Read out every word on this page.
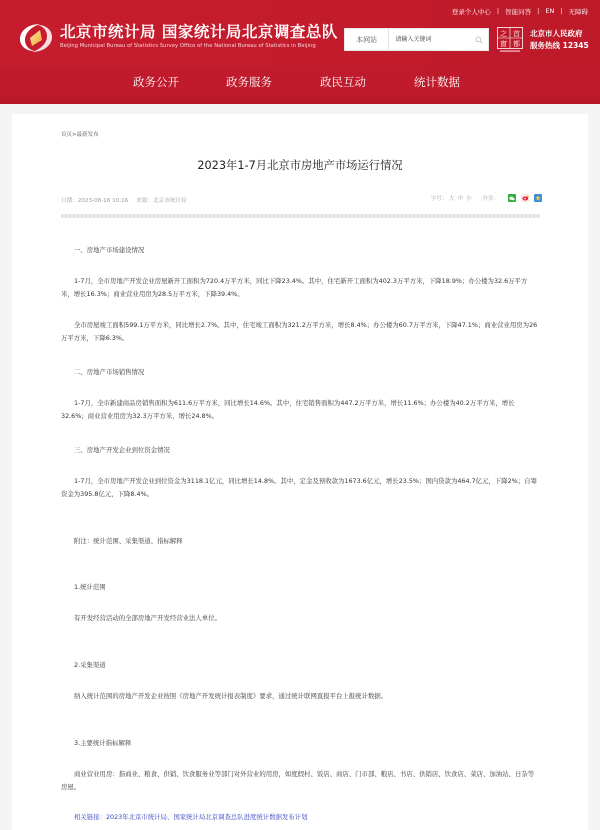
北京市统计局 国家统计局北京调查总队
Beijing Municipal Bureau of Statistics Survey Office of the National Bureau of Statistics in Beijing
登录个人中心 | 智能问答 | EN | 无障碍
本网站
请输入关键词
之 首
窗 都
北京市人民政府
服务热线 12345
政务公开	政务服务	政民互动	统计数据
首页>最新发布
2023年1-7月北京市房地产市场运行情况
日期：2023-08-16 10:16 来源：北京市统计局	字号： 大 中 小 分享：
一、房地产市场建设情况
1-7月，全市房地产开发企业房屋新开工面积为720.4万平方米，同比下降23.4%。其中，住宅新开工面积为402.3万平方米，下降18.9%；办公楼为32.6万平方米，增长16.3%；商业营业用房为28.5万平方米，下降39.4%。
全市房屋竣工面积599.1万平方米，同比增长2.7%。其中，住宅竣工面积为321.2万平方米，增长8.4%；办公楼为60.7万平方米，下降47.1%；商业营业用房为26万平方米，下降6.3%。
二、房地产市场销售情况
1-7月，全市新建商品房销售面积为611.6万平方米，同比增长14.6%。其中，住宅销售面积为447.2万平方米，增长11.6%；办公楼为40.2万平方米，增长32.6%；商业营业用房为32.3万平方米，增长24.8%。
三、房地产开发企业到位资金情况
1-7月，全市房地产开发企业到位资金为3118.1亿元，同比增长14.8%。其中，定金及预收款为1673.6亿元，增长23.5%；国内贷款为464.7亿元，下降2%；自筹资金为395.8亿元，下降8.4%。
附注：统计范围、采集渠道、指标解释
1.统计范围
有开发经营活动的全部房地产开发经营业法人单位。
2.采集渠道
纳入统计范围的房地产开发企业按照《房地产开发统计报表制度》要求，通过统计联网直报平台上报统计数据。
3.主要统计指标解释
商业营业用房：指商业、粮食、供销、饮食服务业等部门对外营业的用房，如度假村、饭店、商店、门市部、粮店、书店、供销店、饮食店、菜店、加油站、日杂等房屋。
相关链接：2023年北京市统计局、国家统计局北京调查总队进度统计数据发布计划
